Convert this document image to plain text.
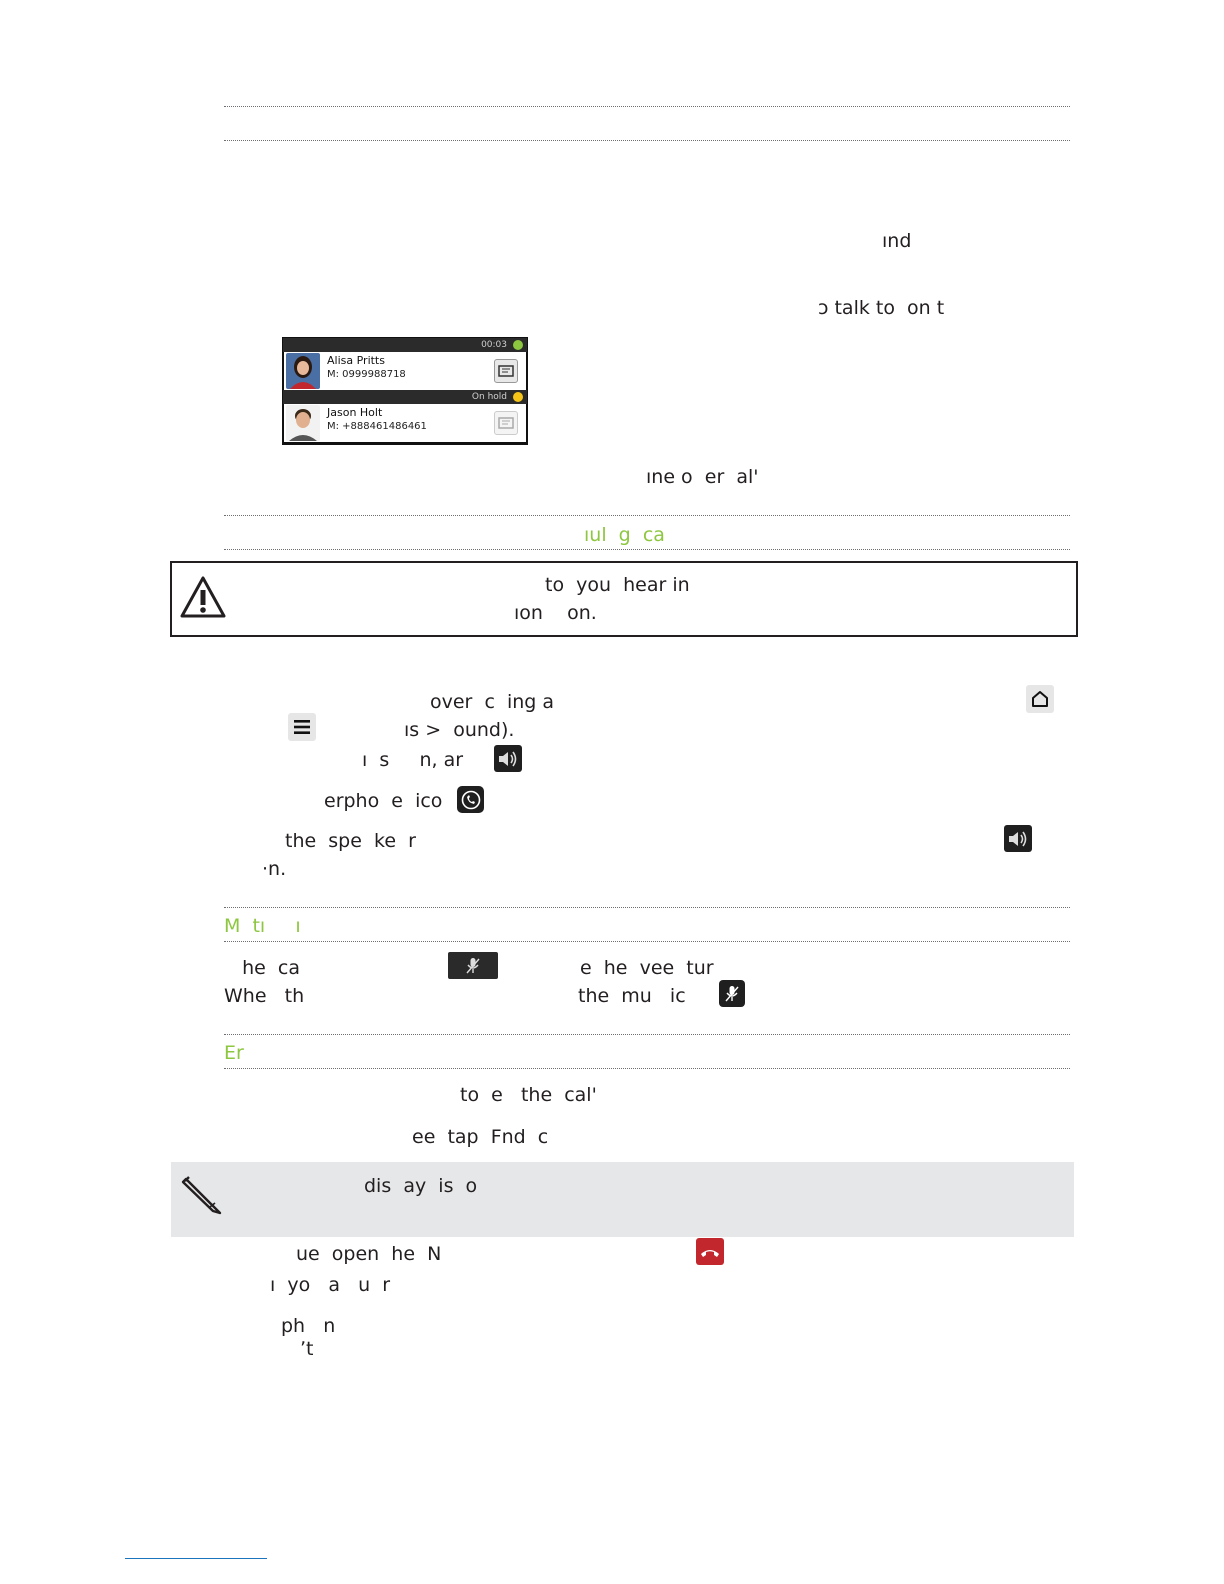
ınd
ɔ talk to  on t
00:03
Alisa Pritts
M: 0999988718
On hold
Jason Holt
M: +888461486461
ıne o  er  al'
ıul  g  ca
to  you  hear in
ıon    on.
over  c  ing a
ıs >  ound).
ı  s     n, ar
erpho  e  ico
the  spe  ke  r
·n.
M  tı     ı
he  ca	e  he  vee  tur
Whe   th	the  mu   ic
Er
to  e   the  cal'
ee  tap  Fnd  c
dis  ay  is  o
ue  open  he  N
ı  yo   a   u  r
ph   n
ʼt
